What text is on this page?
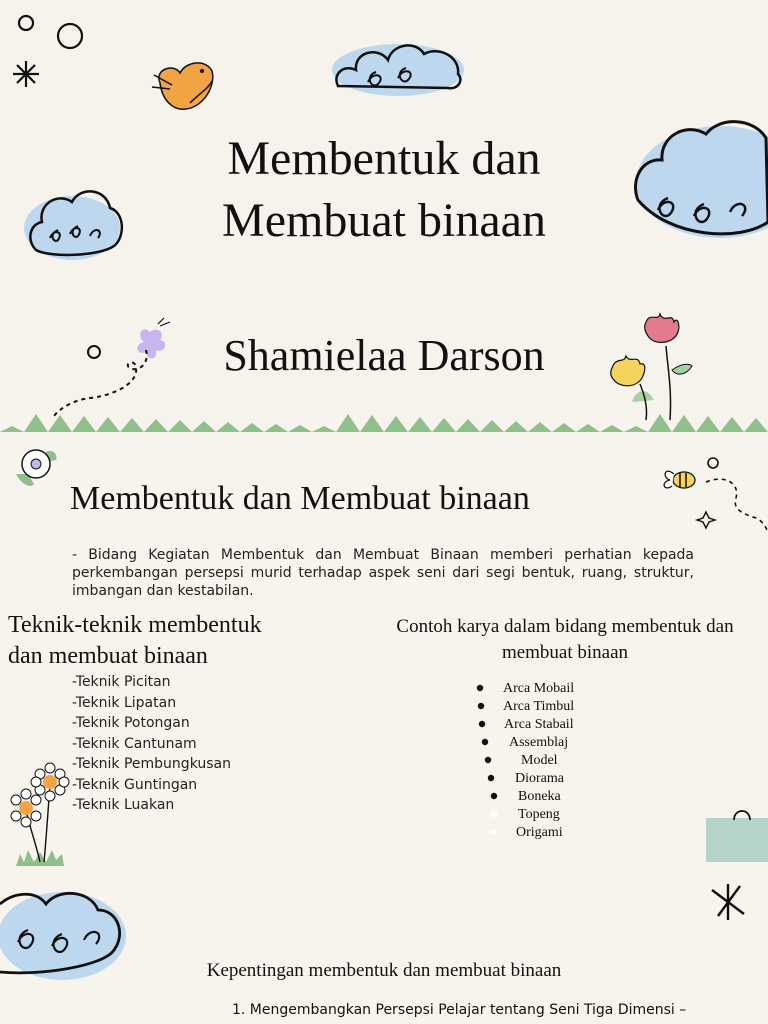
Membentuk dan
Membuat binaan
Shamielaa Darson
Membentuk dan Membuat binaan
- Bidang Kegiatan Membentuk dan Membuat Binaan memberi perhatian kepada perkembangan persepsi murid terhadap aspek seni dari segi bentuk, ruang, struktur, imbangan dan kestabilan.
Teknik-teknik membentuk
dan membuat binaan
-Teknik Picitan
-Teknik Lipatan
-Teknik Potongan
-Teknik Cantunam
-Teknik Pembungkusan
-Teknik Guntingan
-Teknik Luakan
Contoh karya dalam bidang membentuk dan
membuat binaan
Arca Mobail
Arca Timbul
Arca Stabail
Assemblaj
Model
Diorama
Boneka
Topeng
Origami
Kepentingan membentuk dan membuat binaan
1. Mengembangkan Persepsi Pelajar tentang Seni Tiga Dimensi –
